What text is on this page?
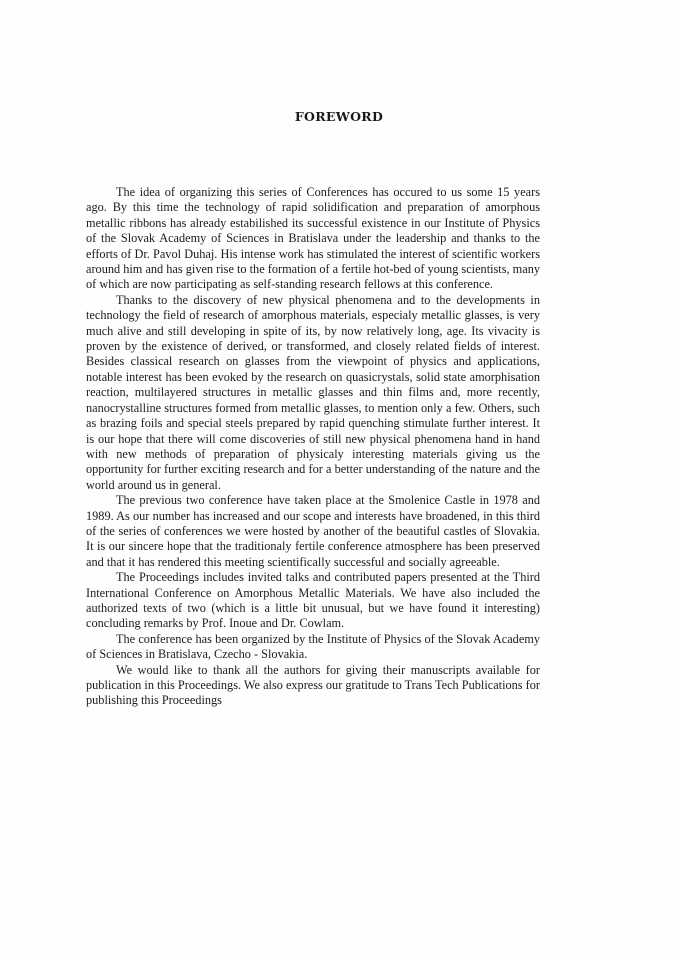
FOREWORD

The idea of organizing this series of Conferences has occured to us some 15 years ago. By this time the technology of rapid solidification and preparation of amorphous metallic ribbons has already estabilished its successful existence in our Institute of Physics of the Slovak Academy of Sciences in Bratislava under the leadership and thanks to the efforts of Dr. Pavol Duhaj. His intense work has stimulated the interest of scientific workers around him and has given rise to the formation of a fertile hot-bed of young scientists, many of which are now participating as self-standing research fellows at this conference.

Thanks to the discovery of new physical phenomena and to the developments in technology the field of research of amorphous materials, especialy metallic glasses, is very much alive and still developing in spite of its, by now relatively long, age. Its vivacity is proven by the existence of derived, or transformed, and closely related fields of interest. Besides classical research on glasses from the viewpoint of physics and applications, notable interest has been evoked by the research on quasicrystals, solid state amorphisation reaction, multilayered structures in metallic glasses and thin films and, more recently, nanocrystalline structures formed from metallic glasses, to mention only a few. Others, such as brazing foils and special steels prepared by rapid quenching stimulate further interest. It is our hope that there will come discoveries of still new physical phenomena hand in hand with new methods of preparation of physicaly interesting materials giving us the opportunity for further exciting research and for a better understanding of the nature and the world around us in general.

The previous two conference have taken place at the Smolenice Castle in 1978 and 1989. As our number has increased and our scope and interests have broadened, in this third of the series of conferences we were hosted by another of the beautiful castles of Slovakia. It is our sincere hope that the traditionaly fertile conference atmosphere has been preserved and that it has rendered this meeting scientifically successful and socially agreeable.

The Proceedings includes invited talks and contributed papers presented at the Third International Conference on Amorphous Metallic Materials. We have also included the authorized texts of two (which is a little bit unusual, but we have found it interesting) concluding remarks by Prof. Inoue and Dr. Cowlam.

The conference has been organized by the Institute of Physics of the Slovak Academy of Sciences in Bratislava, Czecho - Slovakia.

We would like to thank all the authors for giving their manuscripts available for publication in this Proceedings. We also express our gratitude to Trans Tech Publications for publishing this Proceedings
